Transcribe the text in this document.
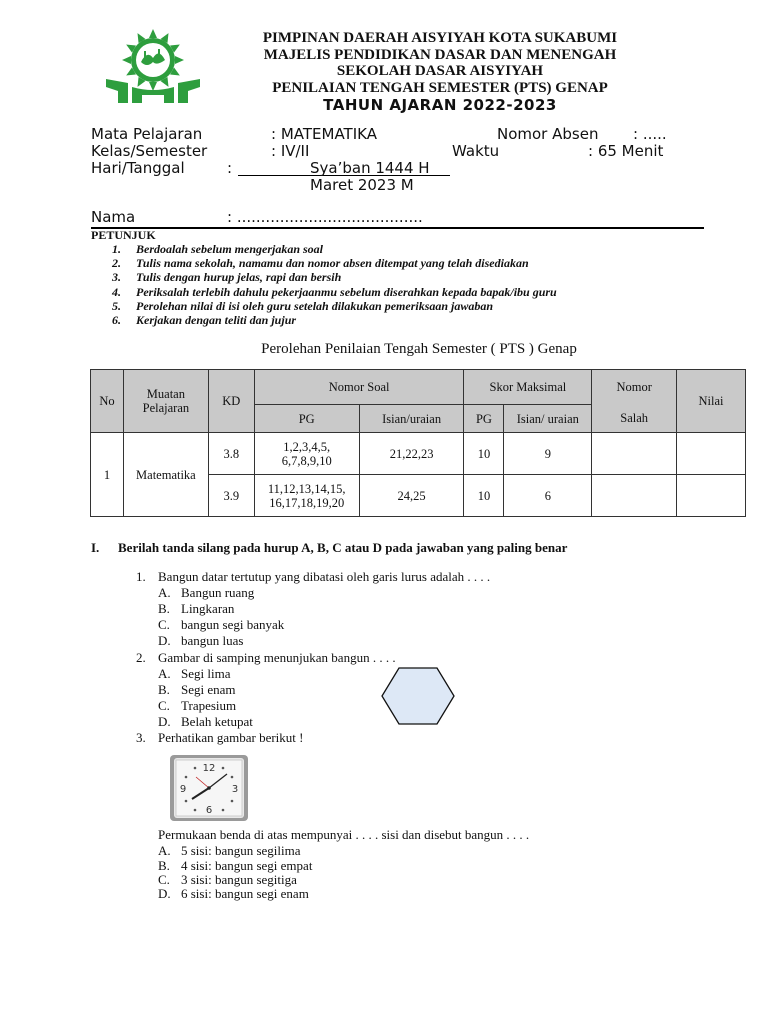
PIMPINAN DAERAH AISYIYAH KOTA SUKABUMI
MAJELIS PENDIDIKAN DASAR DAN MENENGAH
SEKOLAH DASAR AISYIYAH
PENILAIAN TENGAH SEMESTER (PTS) GENAP
TAHUN AJARAN 2022-2023
Mata Pelajaran	: MATEMATIKA	Nomor Absen : .....
Kelas/Semester	: IV/II	Waktu	: 65 Menit
Hari/Tanggal	:	Sya’ban 1444 H
Maret 2023 M
Nama	: .......................................
PETUNJUK
1.	Berdoalah sebelum mengerjakan soal
2.	Tulis nama sekolah, namamu dan nomor absen ditempat yang telah disediakan
3.	Tulis dengan hurup jelas, rapi dan bersih
4.	Periksalah terlebih dahulu pekerjaanmu sebelum diserahkan kepada bapak/ibu guru
5.	Perolehan nilai di isi oleh guru setelah dilakukan pemeriksaan jawaban
6.	Kerjakan dengan teliti dan jujur
Perolehan Penilaian Tengah Semester ( PTS ) Genap
No	Muatan Pelajaran	KD	Nomor Soal		Skor Maksimal		Nomor	Nilai
			PG	Isian/uraian	PG	Isian/ uraian	Salah	
1	Matematika	3.8	1,2,3,4,5, 6,7,8,9,10	21,22,23	10	9		
		3.9	11,12,13,14,15, 16,17,18,19,20	24,25	10	6		
I. Berilah tanda silang pada hurup A, B, C atau D pada jawaban yang paling benar
1. Bangun datar tertutup yang dibatasi oleh garis lurus adalah . . . .
A. Bangun ruang
B. Lingkaran
C. bangun segi banyak
D. bangun luas
2. Gambar di samping menunjukan bangun . . . .
A. Segi lima
B. Segi enam
C. Trapesium
D. Belah ketupat
3. Perhatikan gambar berikut !
12
3
6
9
Permukaan benda di atas mempunyai . . . . sisi dan disebut bangun . . . .
A. 5 sisi: bangun segilima
B. 4 sisi: bangun segi empat
C. 3 sisi: bangun segitiga
D. 6 sisi: bangun segi enam
